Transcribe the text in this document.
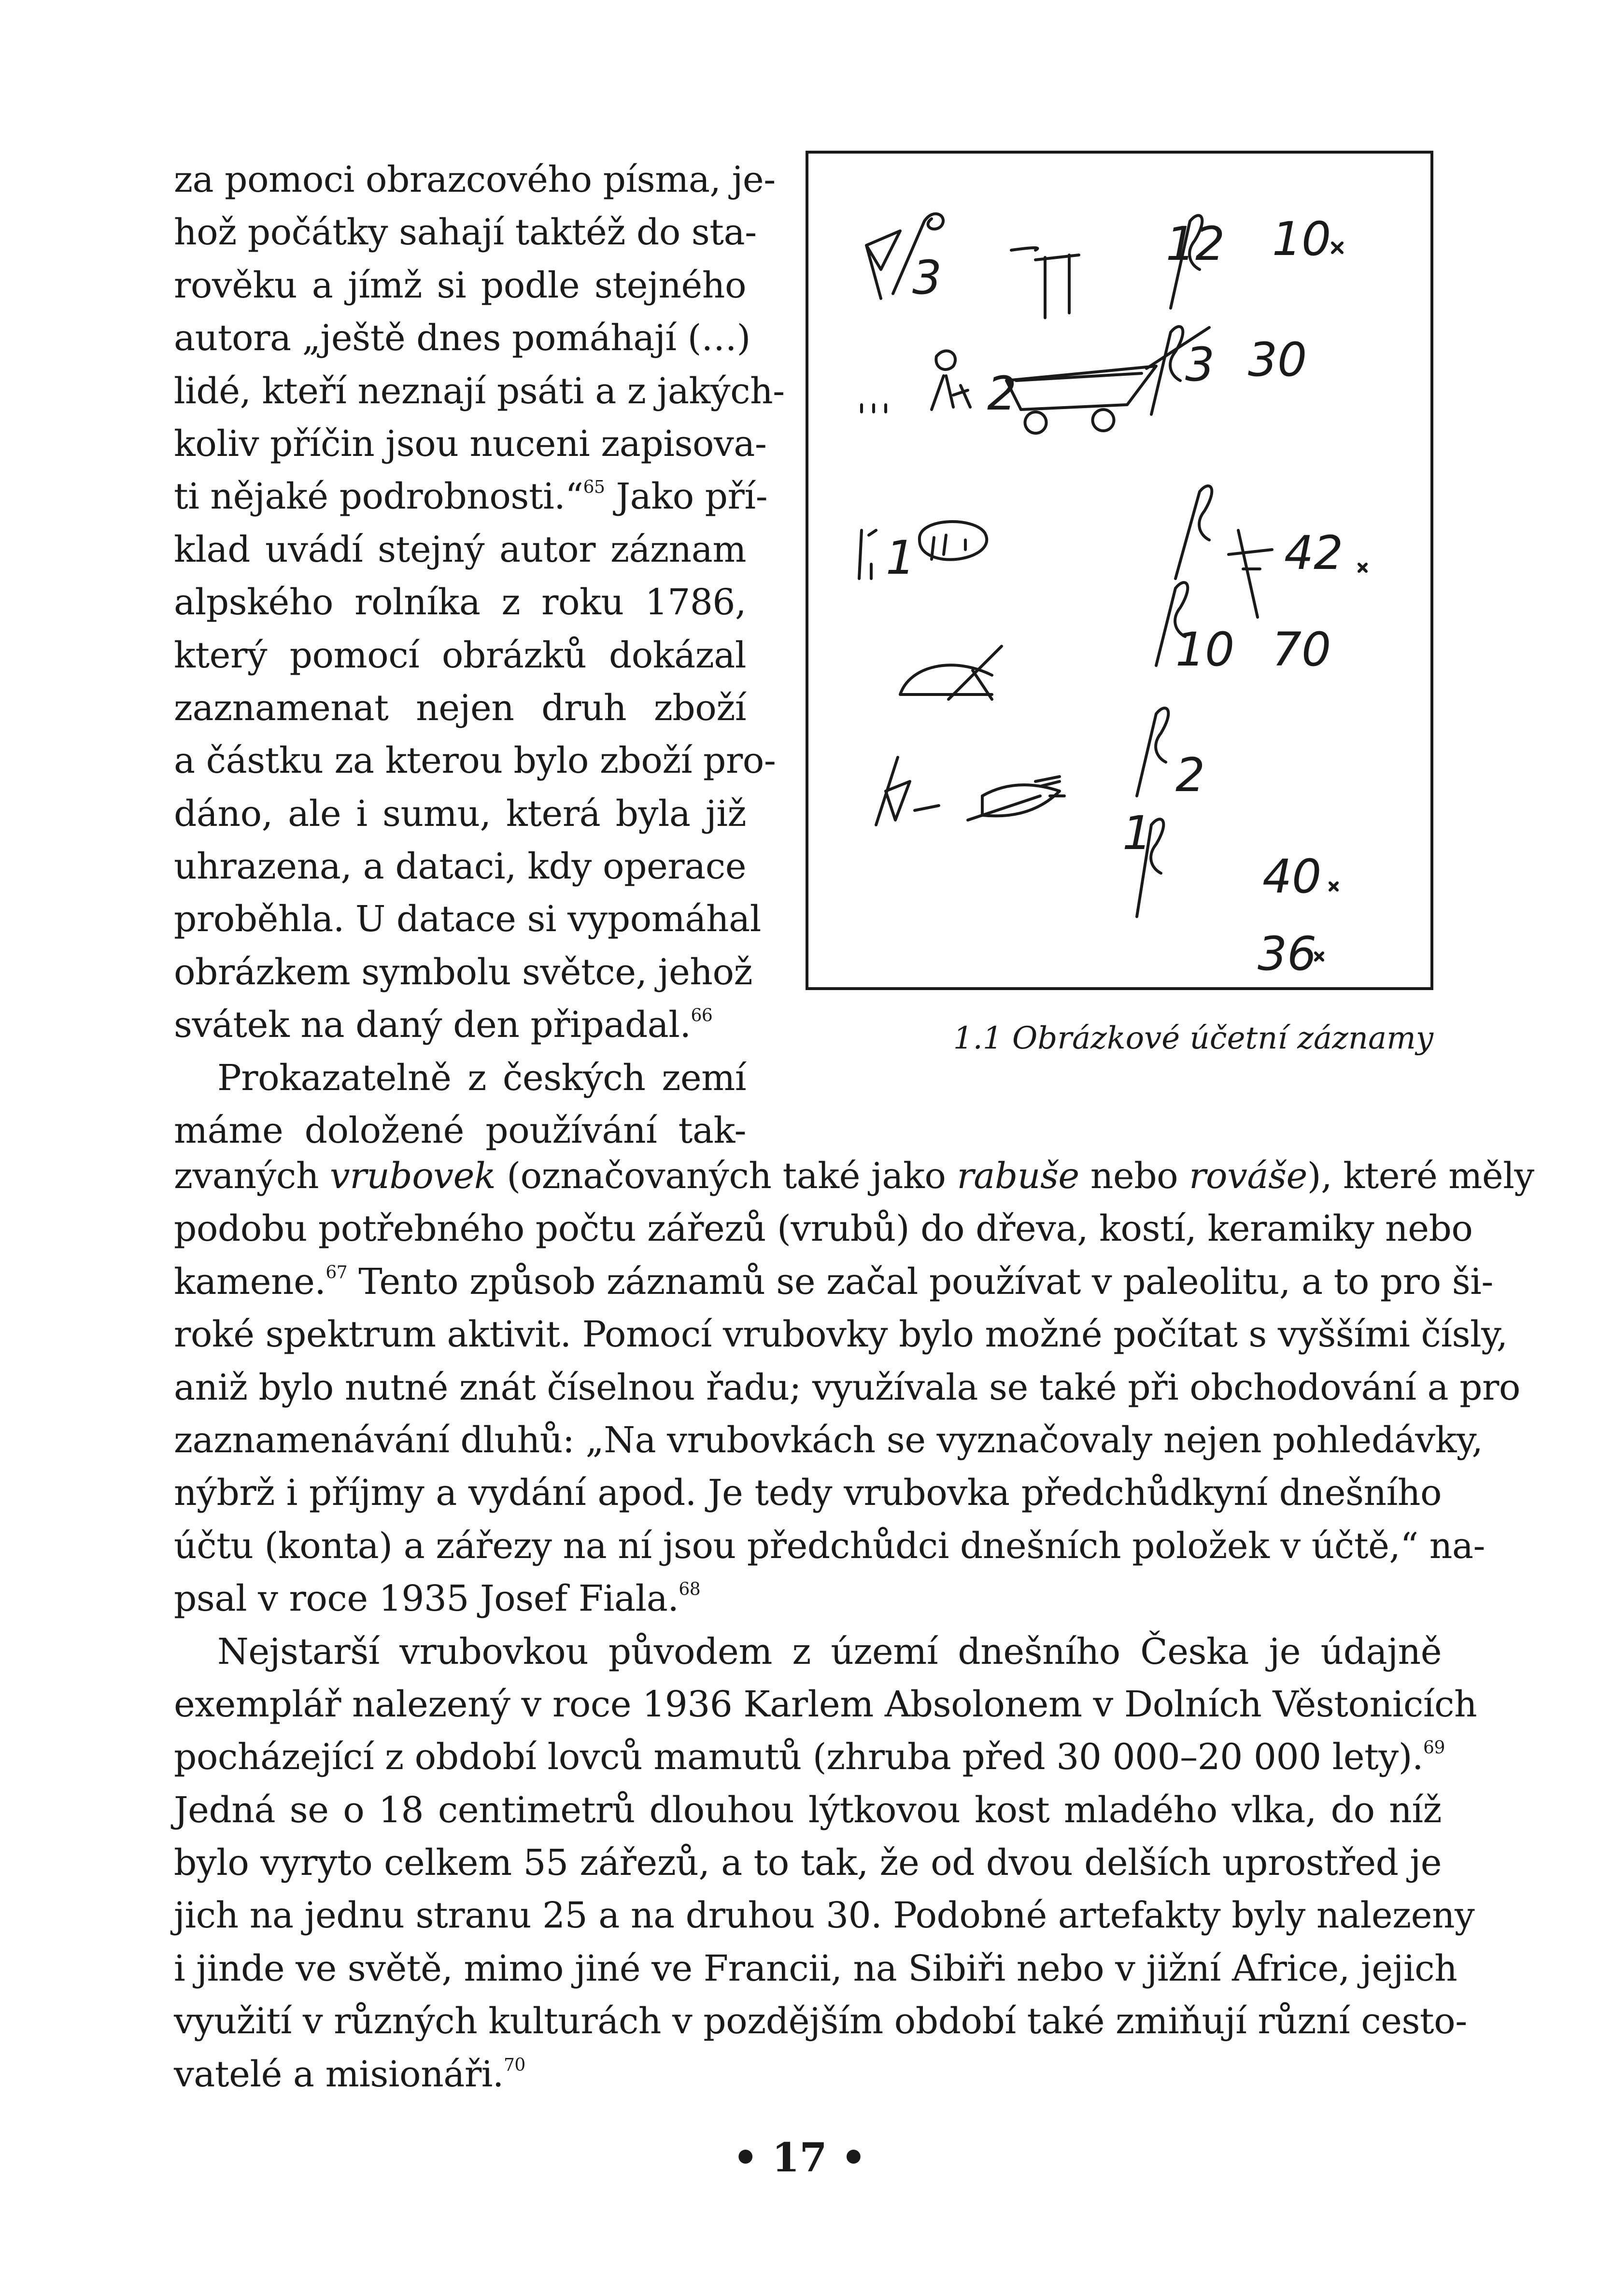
za pomoci obrazcového písma, je-
hož počátky sahají taktéž do sta-
rověku a jímž si podle stejného
autora „ještě dnes pomáhají (…)
lidé, kteří neznají psáti a z jakých-
koliv příčin jsou nuceni zapisova-
ti nějaké podrobnosti.“$^{65}$ Jako pří-
klad uvádí stejný autor záznam
alpského rolníka z roku 1786,
který pomocí obrázků dokázal
zaznamenat nejen druh zboží
a částku za kterou bylo zboží pro-
dáno, ale i sumu, která byla již
uhrazena, a dataci, kdy operace
proběhla. U datace si vypomáhal
obrázkem symbolu světce, jehož
svátek na daný den připadal.$^{66}$
Prokazatelně z českých zemí
máme doložené používání tak-
3
12 10
2
3 30
1	42
10 70
2
1
40
36
1.1 Obrázkové účetní záznamy
zvaných vrubovek (označovaných také jako rabuše nebo rováše), které měly
podobu potřebného počtu zářezů (vrubů) do dřeva, kostí, keramiky nebo
kamene.$^{67}$ Tento způsob záznamů se začal používat v paleolitu, a to pro ši-
roké spektrum aktivit. Pomocí vrubovky bylo možné počítat s vyššími čísly,
aniž bylo nutné znát číselnou řadu; využívala se také při obchodování a pro
zaznamenávání dluhů: „Na vrubovkách se vyznačovaly nejen pohledávky,
nýbrž i příjmy a vydání apod. Je tedy vrubovka předchůdkyní dnešního
účtu (konta) a zářezy na ní jsou předchůdci dnešních položek v účtě,“ na-
psal v roce 1935 Josef Fiala.$^{68}$
Nejstarší vrubovkou původem z území dnešního Česka je údajně
exemplář nalezený v roce 1936 Karlem Absolonem v Dolních Věstonicích
pocházející z období lovců mamutů (zhruba před 30 000–20 000 lety).$^{69}$
Jedná se o 18 centimetrů dlouhou lýtkovou kost mladého vlka, do níž
bylo vyryto celkem 55 zářezů, a to tak, že od dvou delších uprostřed je
jich na jednu stranu 25 a na druhou 30. Podobné artefakty byly nalezeny
i jinde ve světě, mimo jiné ve Francii, na Sibiři nebo v jižní Africe, jejich
využití v různých kulturách v pozdějším období také zmiňují různí cesto-
vatelé a misionáři.$^{70}$
• 17 •
